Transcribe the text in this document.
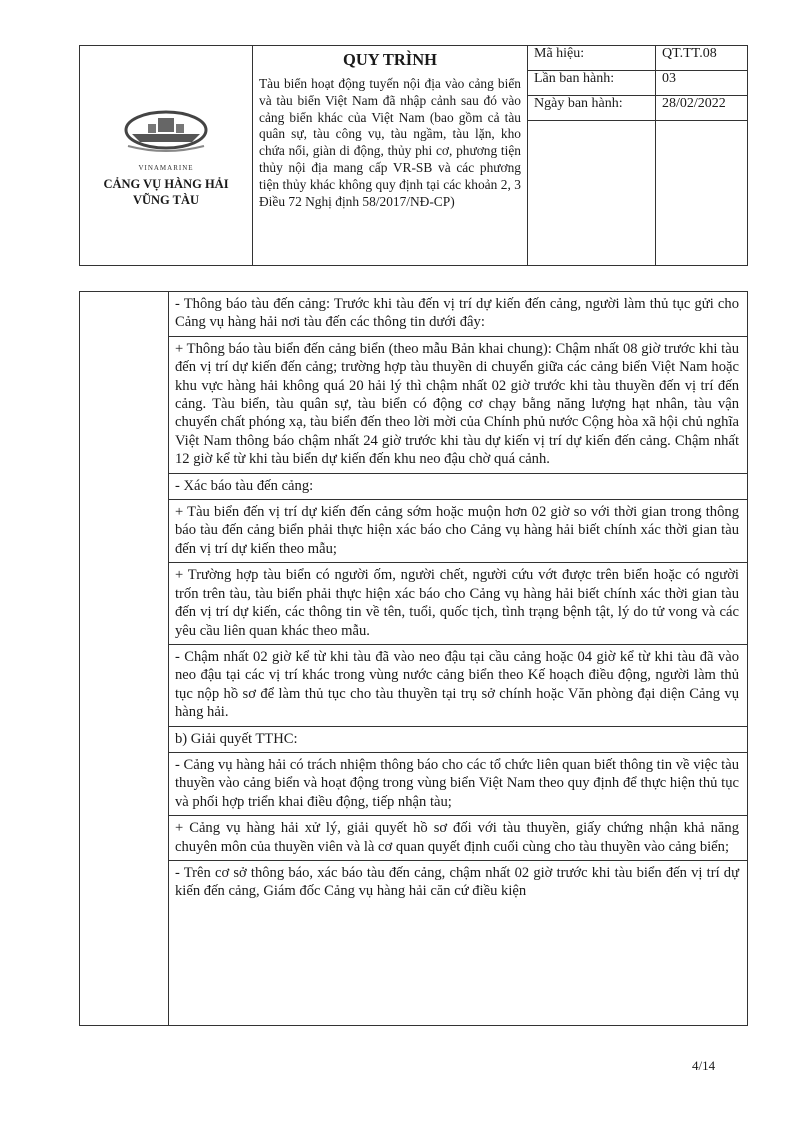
VINAMARINE
CẢNG VỤ HÀNG HẢI
VŨNG TÀU

QUY TRÌNH
Tàu biển hoạt động tuyến nội địa vào cảng biển và tàu biển Việt Nam đã nhập cảnh sau đó vào cảng biển khác của Việt Nam (bao gồm cả tàu quân sự, tàu công vụ, tàu ngầm, tàu lặn, kho chứa nổi, giàn di động, thủy phi cơ, phương tiện thủy nội địa mang cấp VR-SB và các phương tiện thủy khác không quy định tại các khoản 2, 3 Điều 72 Nghị định 58/2017/NĐ-CP)

Mã hiệu:	QT.TT.08
Lần ban hành:	03
Ngày ban hành:	28/02/2022

- Thông báo tàu đến cảng: Trước khi tàu đến vị trí dự kiến đến cảng, người làm thủ tục gửi cho Cảng vụ hàng hải nơi tàu đến các thông tin dưới đây:
+ Thông báo tàu biển đến cảng biển (theo mẫu Bản khai chung): Chậm nhất 08 giờ trước khi tàu đến vị trí dự kiến đến cảng; trường hợp tàu thuyền di chuyển giữa các cảng biển Việt Nam hoặc khu vực hàng hải không quá 20 hải lý thì chậm nhất 02 giờ trước khi tàu thuyền đến vị trí đến cảng. Tàu biển, tàu quân sự, tàu biển có động cơ chạy bằng năng lượng hạt nhân, tàu vận chuyển chất phóng xạ, tàu biển đến theo lời mời của Chính phủ nước Cộng hòa xã hội chủ nghĩa Việt Nam thông báo chậm nhất 24 giờ trước khi tàu dự kiến vị trí dự kiến đến cảng. Chậm nhất 12 giờ kể từ khi tàu biển dự kiến đến khu neo đậu chờ quá cảnh.
- Xác báo tàu đến cảng:
+ Tàu biển đến vị trí dự kiến đến cảng sớm hoặc muộn hơn 02 giờ so với thời gian trong thông báo tàu đến cảng biển phải thực hiện xác báo cho Cảng vụ hàng hải biết chính xác thời gian tàu đến vị trí dự kiến theo mẫu;
+ Trường hợp tàu biển có người ốm, người chết, người cứu vớt được trên biển hoặc có người trốn trên tàu, tàu biển phải thực hiện xác báo cho Cảng vụ hàng hải biết chính xác thời gian tàu đến vị trí dự kiến, các thông tin về tên, tuổi, quốc tịch, tình trạng bệnh tật, lý do tử vong và các yêu cầu liên quan khác theo mẫu.
- Chậm nhất 02 giờ kể từ khi tàu đã vào neo đậu tại cầu cảng hoặc 04 giờ kể từ khi tàu đã vào neo đậu tại các vị trí khác trong vùng nước cảng biển theo Kế hoạch điều động, người làm thủ tục nộp hồ sơ để làm thủ tục cho tàu thuyền tại trụ sở chính hoặc Văn phòng đại diện Cảng vụ hàng hải.
b) Giải quyết TTHC:
- Cảng vụ hàng hải có trách nhiệm thông báo cho các tổ chức liên quan biết thông tin về việc tàu thuyền vào cảng biển và hoạt động trong vùng biển Việt Nam theo quy định để thực hiện thủ tục và phối hợp triển khai điều động, tiếp nhận tàu;
+ Cảng vụ hàng hải xử lý, giải quyết hồ sơ đối với tàu thuyền, giấy chứng nhận khả năng chuyên môn của thuyền viên và là cơ quan quyết định cuối cùng cho tàu thuyền vào cảng biển;
- Trên cơ sở thông báo, xác báo tàu đến cảng, chậm nhất 02 giờ trước khi tàu biển đến vị trí dự kiến đến cảng, Giám đốc Cảng vụ hàng hải căn cứ điều kiện
4/14
